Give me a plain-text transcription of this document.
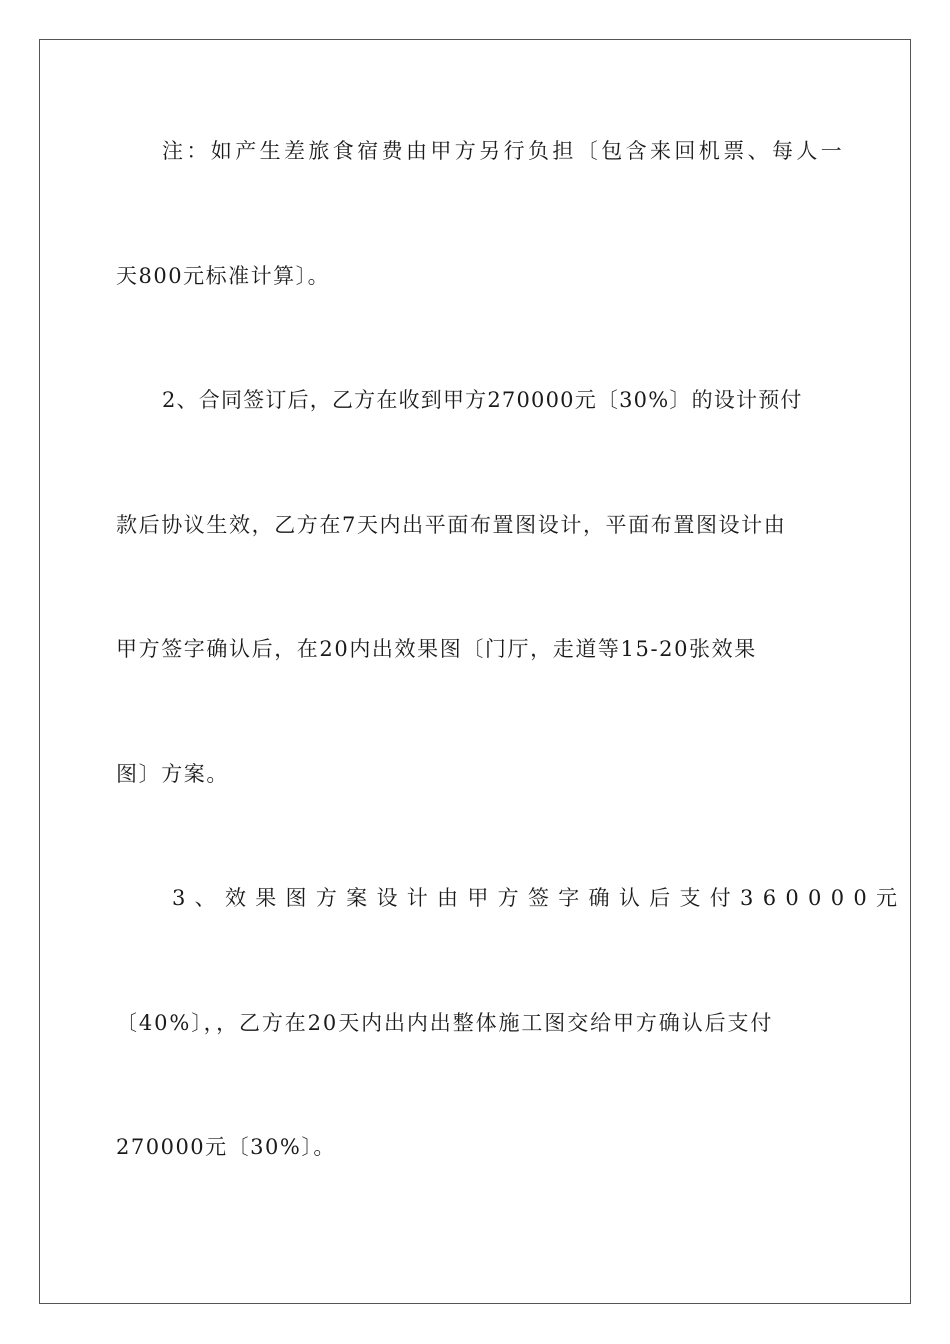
注：如产生差旅食宿费由甲方另行负担〔包含来回机票、每人一
天800元标准计算〕。
2、合同签订后，乙方在收到甲方270000元〔30%〕的设计预付
款后协议生效，乙方在7天内出平面布置图设计，平面布置图设计由
甲方签字确认后，在20内出效果图〔门厅，走道等15-20张效果
图〕方案。
3、效果图方案设计由甲方签字确认后支付360000元
〔40%〕，，乙方在20天内出内出整体施工图交给甲方确认后支付
270000元〔30%〕。
